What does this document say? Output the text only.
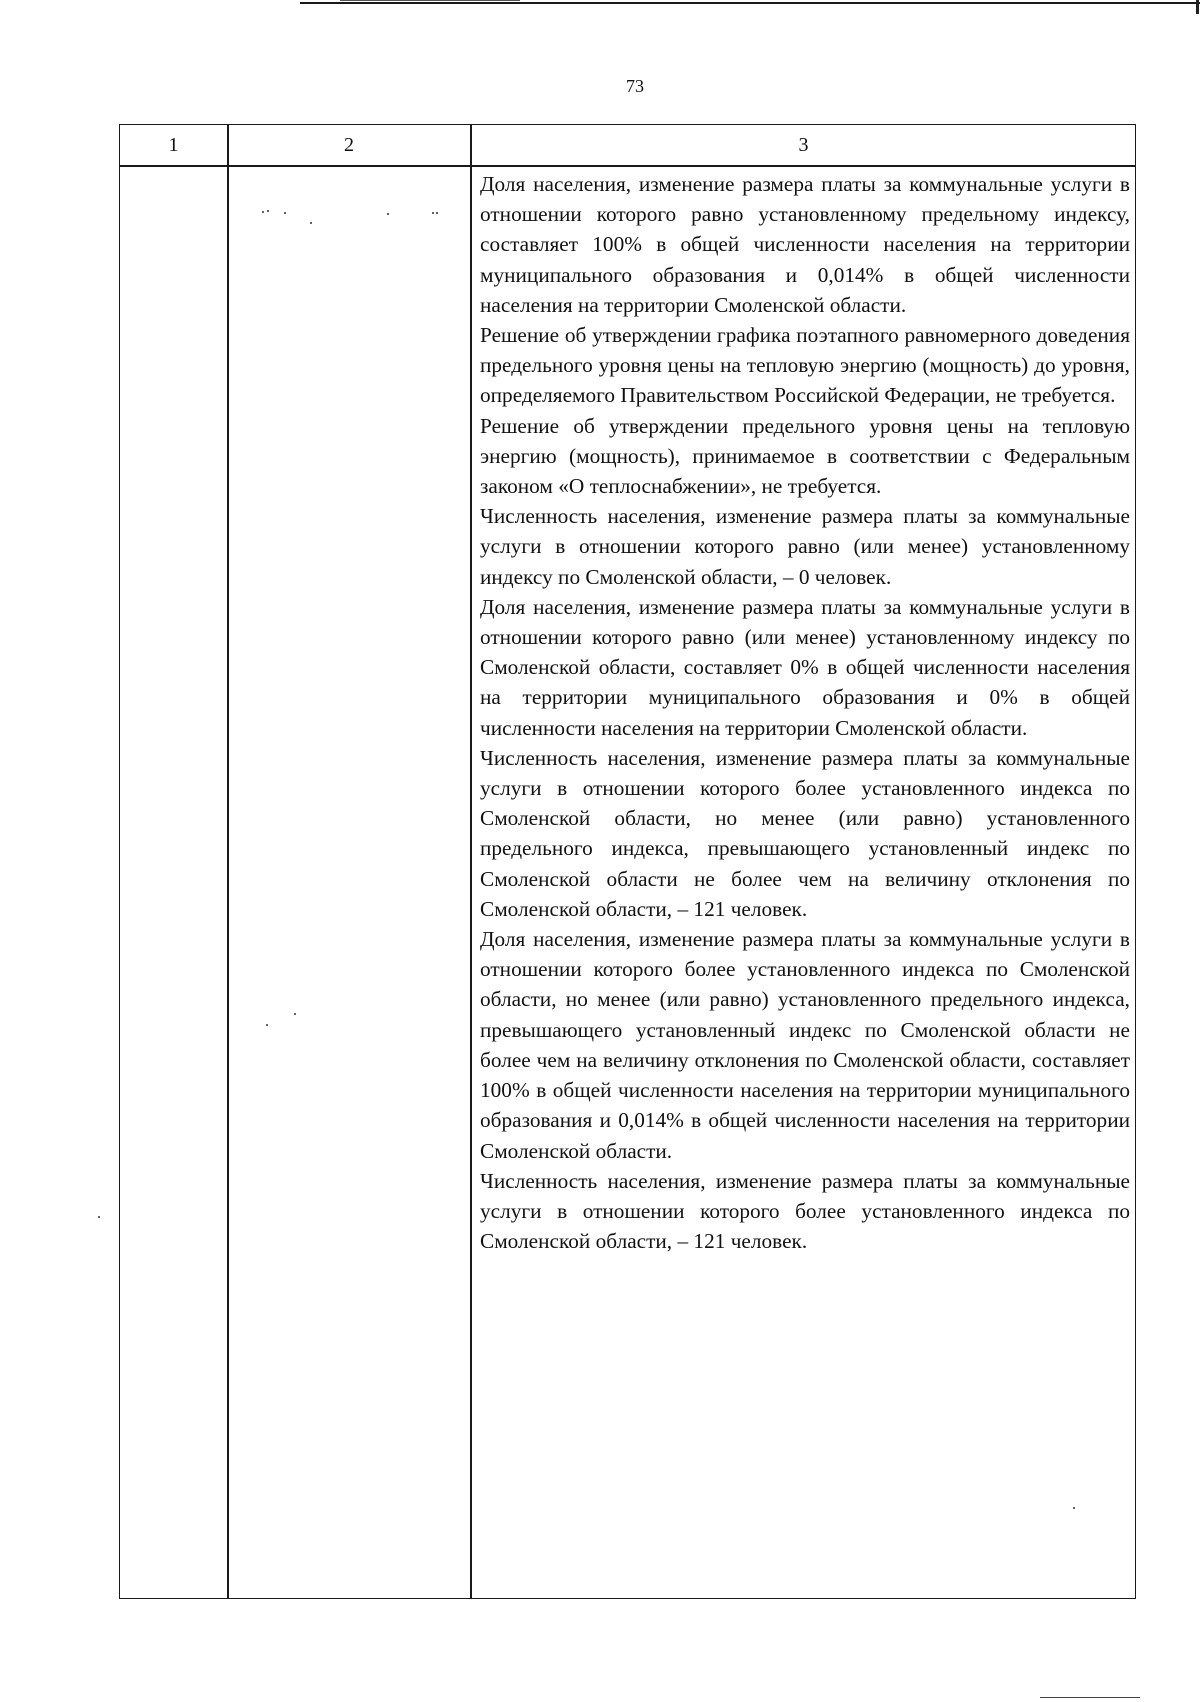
73
1	2	3

Доля населения, изменение размера платы за коммунальные услуги в отношении которого равно установленному предельному индексу, составляет 100% в общей численности населения на территории муниципального образования и 0,014% в общей численности населения на территории Смоленской области.

Решение об утверждении графика поэтапного равномерного доведения предельного уровня цены на тепловую энергию (мощность) до уровня, определяемого Правительством Российской Федерации, не требуется.

Решение об утверждении предельного уровня цены на тепловую энергию (мощность), принимаемое в соответствии с Федеральным законом «О теплоснабжении», не требуется.

Численность населения, изменение размера платы за коммунальные услуги в отношении которого равно (или менее) установленному индексу по Смоленской области, – 0 человек.

Доля населения, изменение размера платы за коммунальные услуги в отношении которого равно (или менее) установленному индексу по Смоленской области, составляет 0% в общей численности населения на территории муниципального образования и 0% в общей численности населения на территории Смоленской области.

Численность населения, изменение размера платы за коммунальные услуги в отношении которого более установленного индекса по Смоленской области, но менее (или равно) установленного предельного индекса, превышающего установленный индекс по Смоленской области не более чем на величину отклонения по Смоленской области, – 121 человек.

Доля населения, изменение размера платы за коммунальные услуги в отношении которого более установленного индекса по Смоленской области, но менее (или равно) установленного предельного индекса, превышающего установленный индекс по Смоленской области не более чем на величину отклонения по Смоленской области, составляет 100% в общей численности населения на территории муниципального образования и 0,014% в общей численности населения на территории Смоленской области.

Численность населения, изменение размера платы за коммунальные услуги в отношении которого более установленного индекса по Смоленской области, – 121 человек.
